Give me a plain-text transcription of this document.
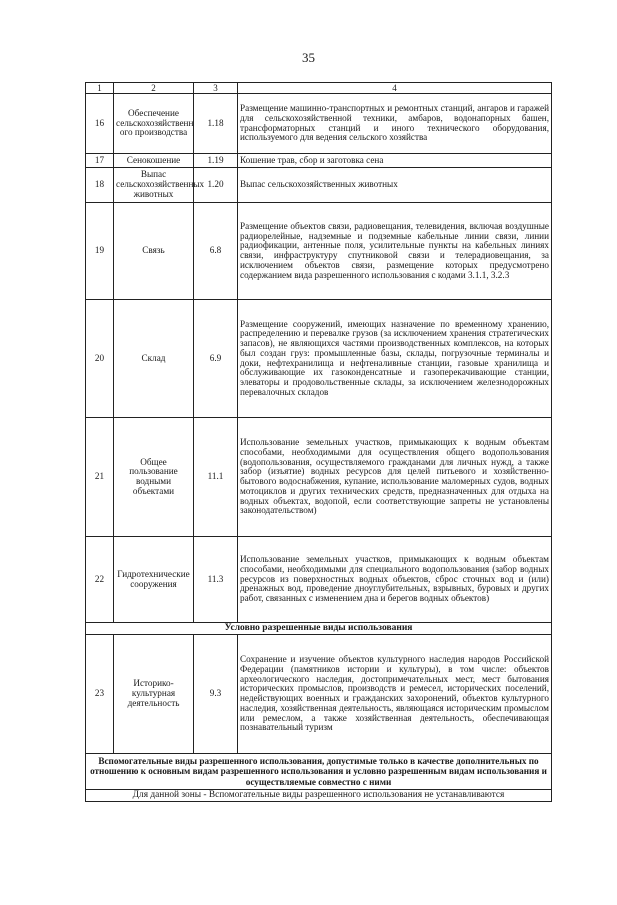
35
1	2	3	4
16	Обеспечение сельскохозяйственн ого производства	1.18	Размещение машинно-транспортных и ремонтных станций, ангаров и гаражей для сельскохозяйственной техники, амбаров, водонапорных башен, трансформаторных станций и иного технического оборудования, используемого для ведения сельского хозяйства
17	Сенокошение	1.19	Кошение трав, сбор и заготовка сена
18	Выпас сельскохозяйственных животных	1.20	Выпас сельскохозяйственных животных
19	Связь	6.8	Размещение объектов связи, радиовещания, телевидения, включая воздушные радиорелейные, надземные и подземные кабельные линии связи, линии радиофикации, антенные поля, усилительные пункты на кабельных линиях связи, инфраструктуру спутниковой связи и телерадиовещания, за исключением объектов связи, размещение которых предусмотрено содержанием вида разрешенного использования с кодами 3.1.1, 3.2.3
20	Склад	6.9	Размещение сооружений, имеющих назначение по временному хранению, распределению и перевалке грузов (за исключением хранения стратегических запасов), не являющихся частями производственных комплексов, на которых был создан груз: промышленные базы, склады, погрузочные терминалы и доки, нефтехранилища и нефтеналивные станции, газовые хранилища и обслуживающие их газоконденсатные и газоперекачивающие станции, элеваторы и продовольственные склады, за исключением железнодорожных перевалочных складов
21	Общее пользование водными объектами	11.1	Использование земельных участков, примыкающих к водным объектам способами, необходимыми для осуществления общего водопользования (водопользования, осуществляемого гражданами для личных нужд, а также забор (изъятие) водных ресурсов для целей питьевого и хозяйственно-бытового водоснабжения, купание, использование маломерных судов, водных мотоциклов и других технических средств, предназначенных для отдыха на водных объектах, водопой, если соответствующие запреты не установлены законодательством)
22	Гидротехнические сооружения	11.3	Использование земельных участков, примыкающих к водным объектам способами, необходимыми для специального водопользования (забор водных ресурсов из поверхностных водных объектов, сброс сточных вод и (или) дренажных вод, проведение дноуглубительных, взрывных, буровых и других работ, связанных с изменением дна и берегов водных объектов)
Условно разрешенные виды использования			
23	Историко-культурная деятельность	9.3	Сохранение и изучение объектов культурного наследия народов Российской Федерации (памятников истории и культуры), в том числе: объектов археологического наследия, достопримечательных мест, мест бытования исторических промыслов, производств и ремесел, исторических поселений, недействующих военных и гражданских захоронений, объектов культурного наследия, хозяйственная деятельность, являющаяся историческим промыслом или ремеслом, а также хозяйственная деятельность, обеспечивающая познавательный туризм
Вспомогательные виды разрешенного использования, допустимые только в качестве дополнительных по отношению к основным видам разрешенного использования и условно разрешенным видам использования и осуществляемые совместно с ними			
Для данной зоны - Вспомогательные виды разрешенного использования не устанавливаются			
